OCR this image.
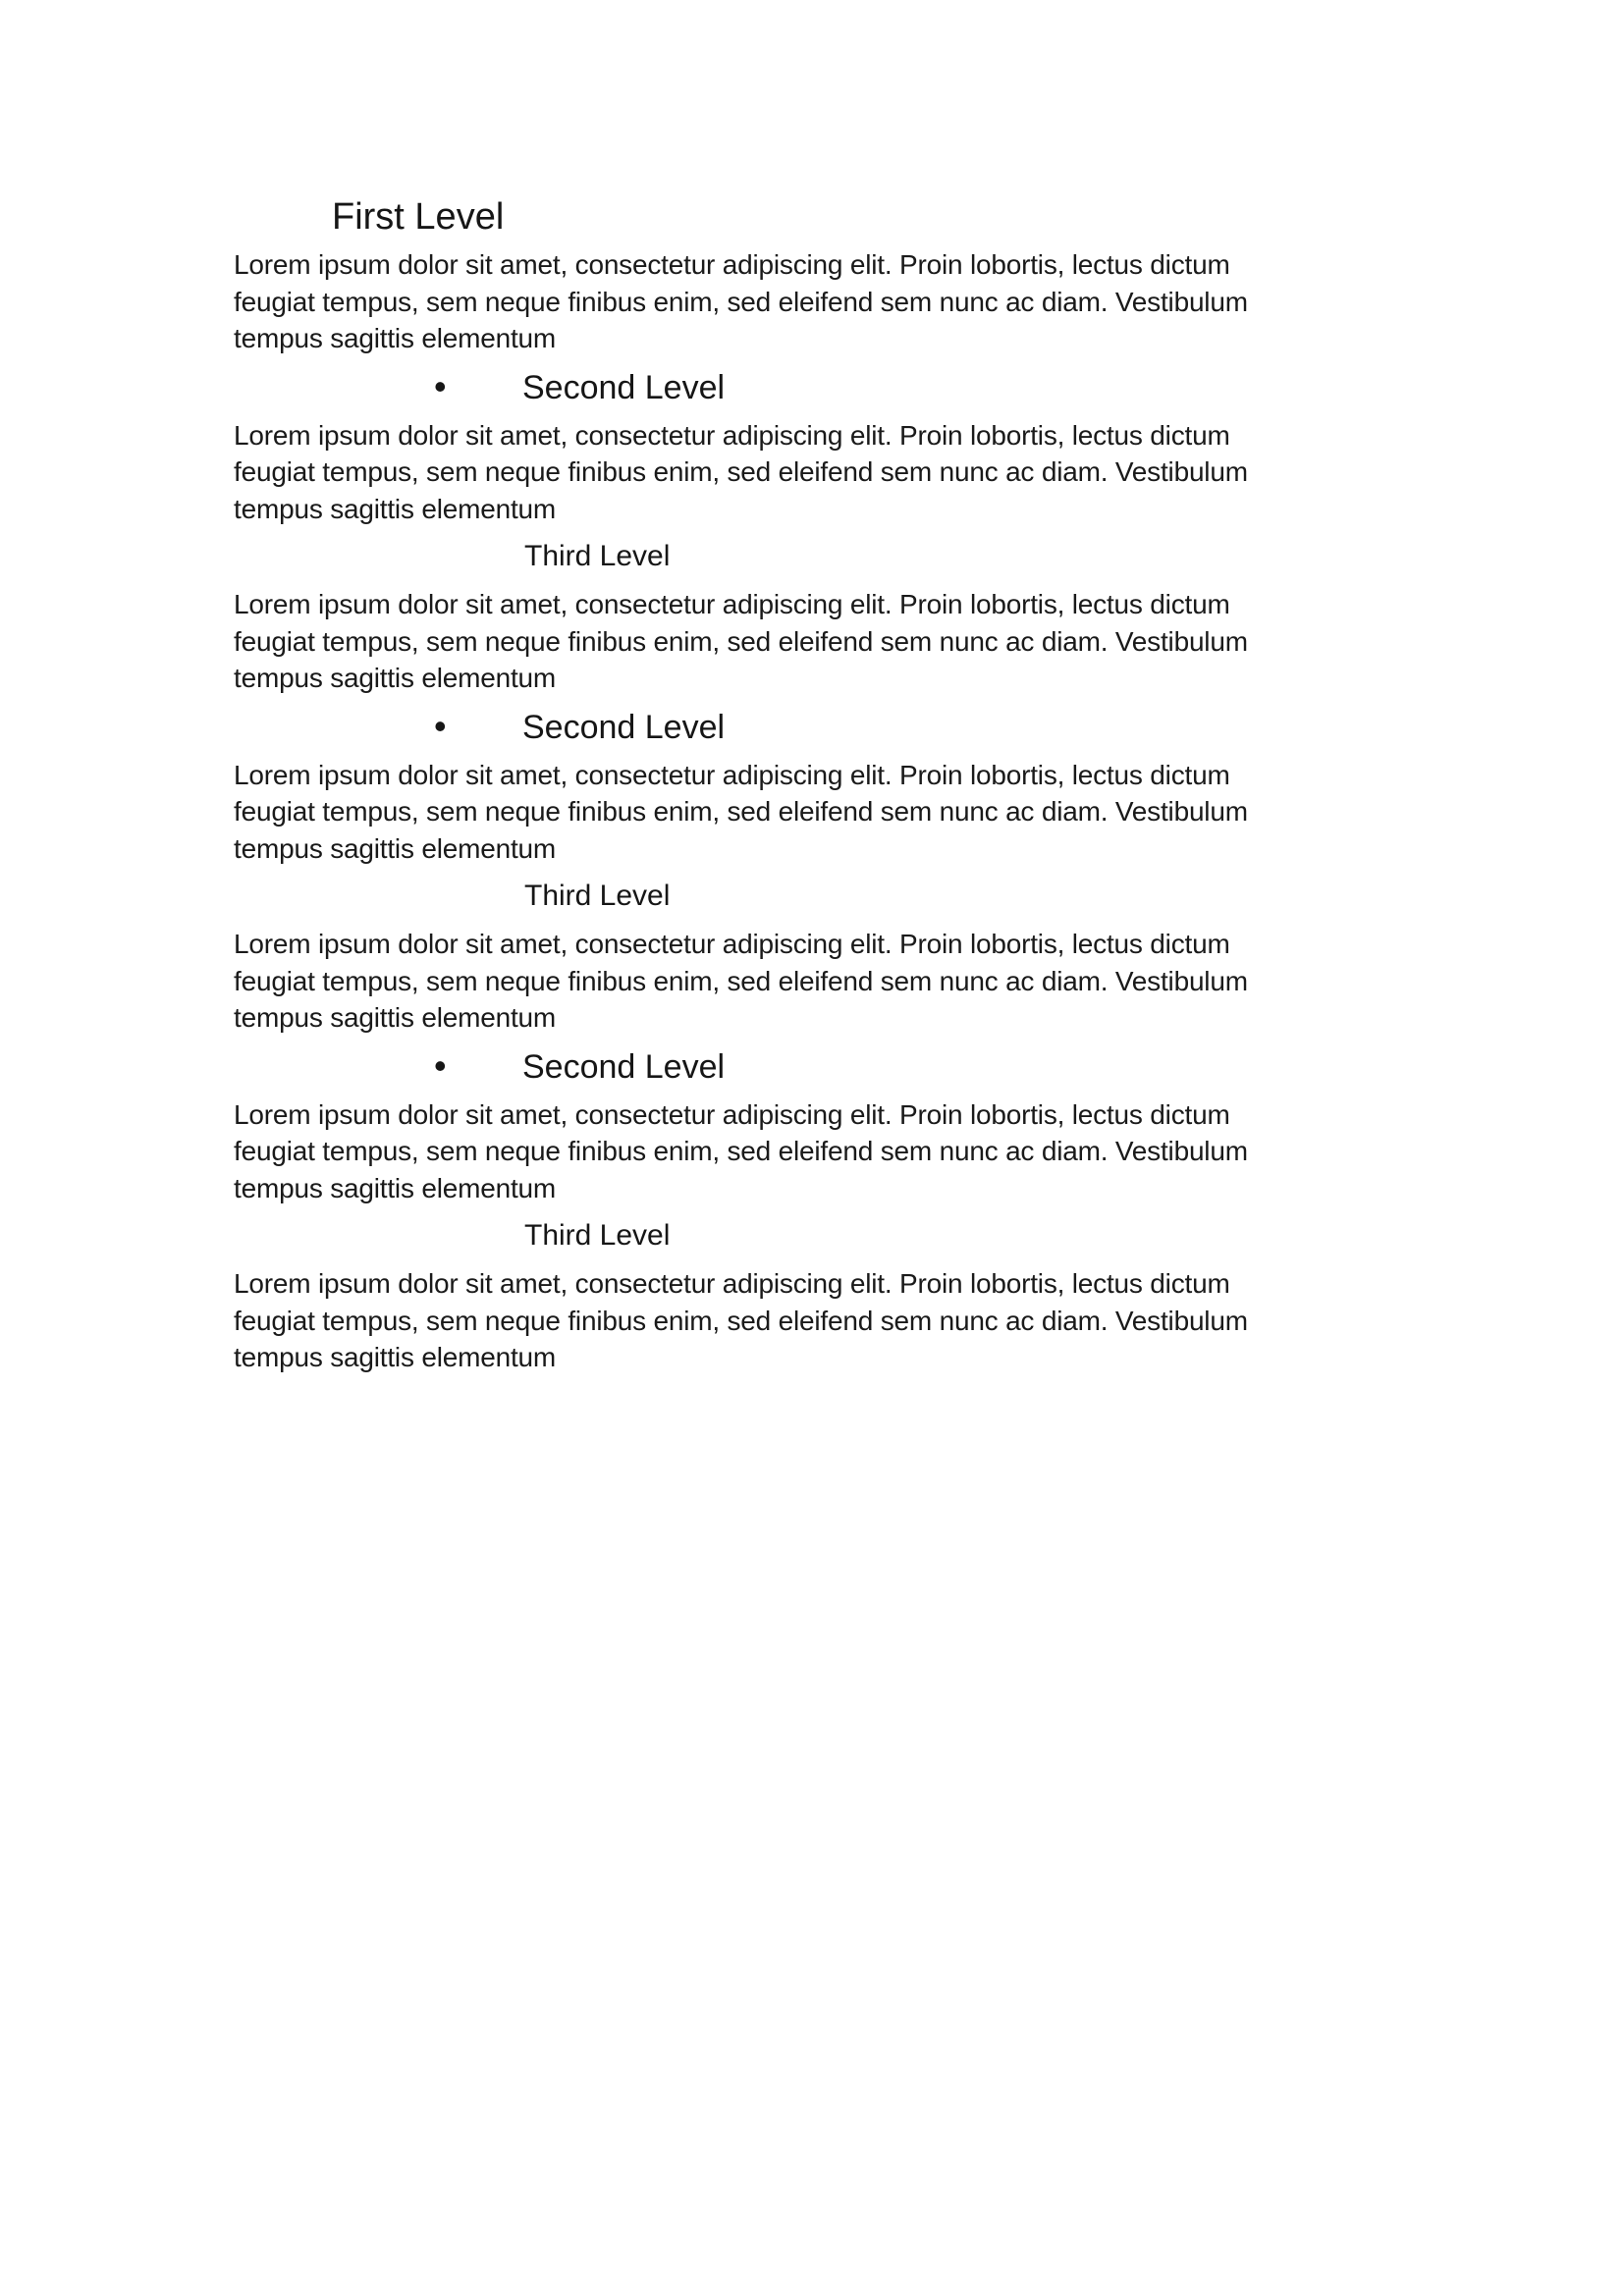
First Level

Lorem ipsum dolor sit amet, consectetur adipiscing elit. Proin lobortis, lectus dictum
feugiat tempus, sem neque finibus enim, sed eleifend sem nunc ac diam. Vestibulum
tempus sagittis elementum

• Second Level

Lorem ipsum dolor sit amet, consectetur adipiscing elit. Proin lobortis, lectus dictum
feugiat tempus, sem neque finibus enim, sed eleifend sem nunc ac diam. Vestibulum
tempus sagittis elementum

Third Level

Lorem ipsum dolor sit amet, consectetur adipiscing elit. Proin lobortis, lectus dictum
feugiat tempus, sem neque finibus enim, sed eleifend sem nunc ac diam. Vestibulum
tempus sagittis elementum

• Second Level

Lorem ipsum dolor sit amet, consectetur adipiscing elit. Proin lobortis, lectus dictum
feugiat tempus, sem neque finibus enim, sed eleifend sem nunc ac diam. Vestibulum
tempus sagittis elementum

Third Level

Lorem ipsum dolor sit amet, consectetur adipiscing elit. Proin lobortis, lectus dictum
feugiat tempus, sem neque finibus enim, sed eleifend sem nunc ac diam. Vestibulum
tempus sagittis elementum

• Second Level

Lorem ipsum dolor sit amet, consectetur adipiscing elit. Proin lobortis, lectus dictum
feugiat tempus, sem neque finibus enim, sed eleifend sem nunc ac diam. Vestibulum
tempus sagittis elementum

Third Level

Lorem ipsum dolor sit amet, consectetur adipiscing elit. Proin lobortis, lectus dictum
feugiat tempus, sem neque finibus enim, sed eleifend sem nunc ac diam. Vestibulum
tempus sagittis elementum
